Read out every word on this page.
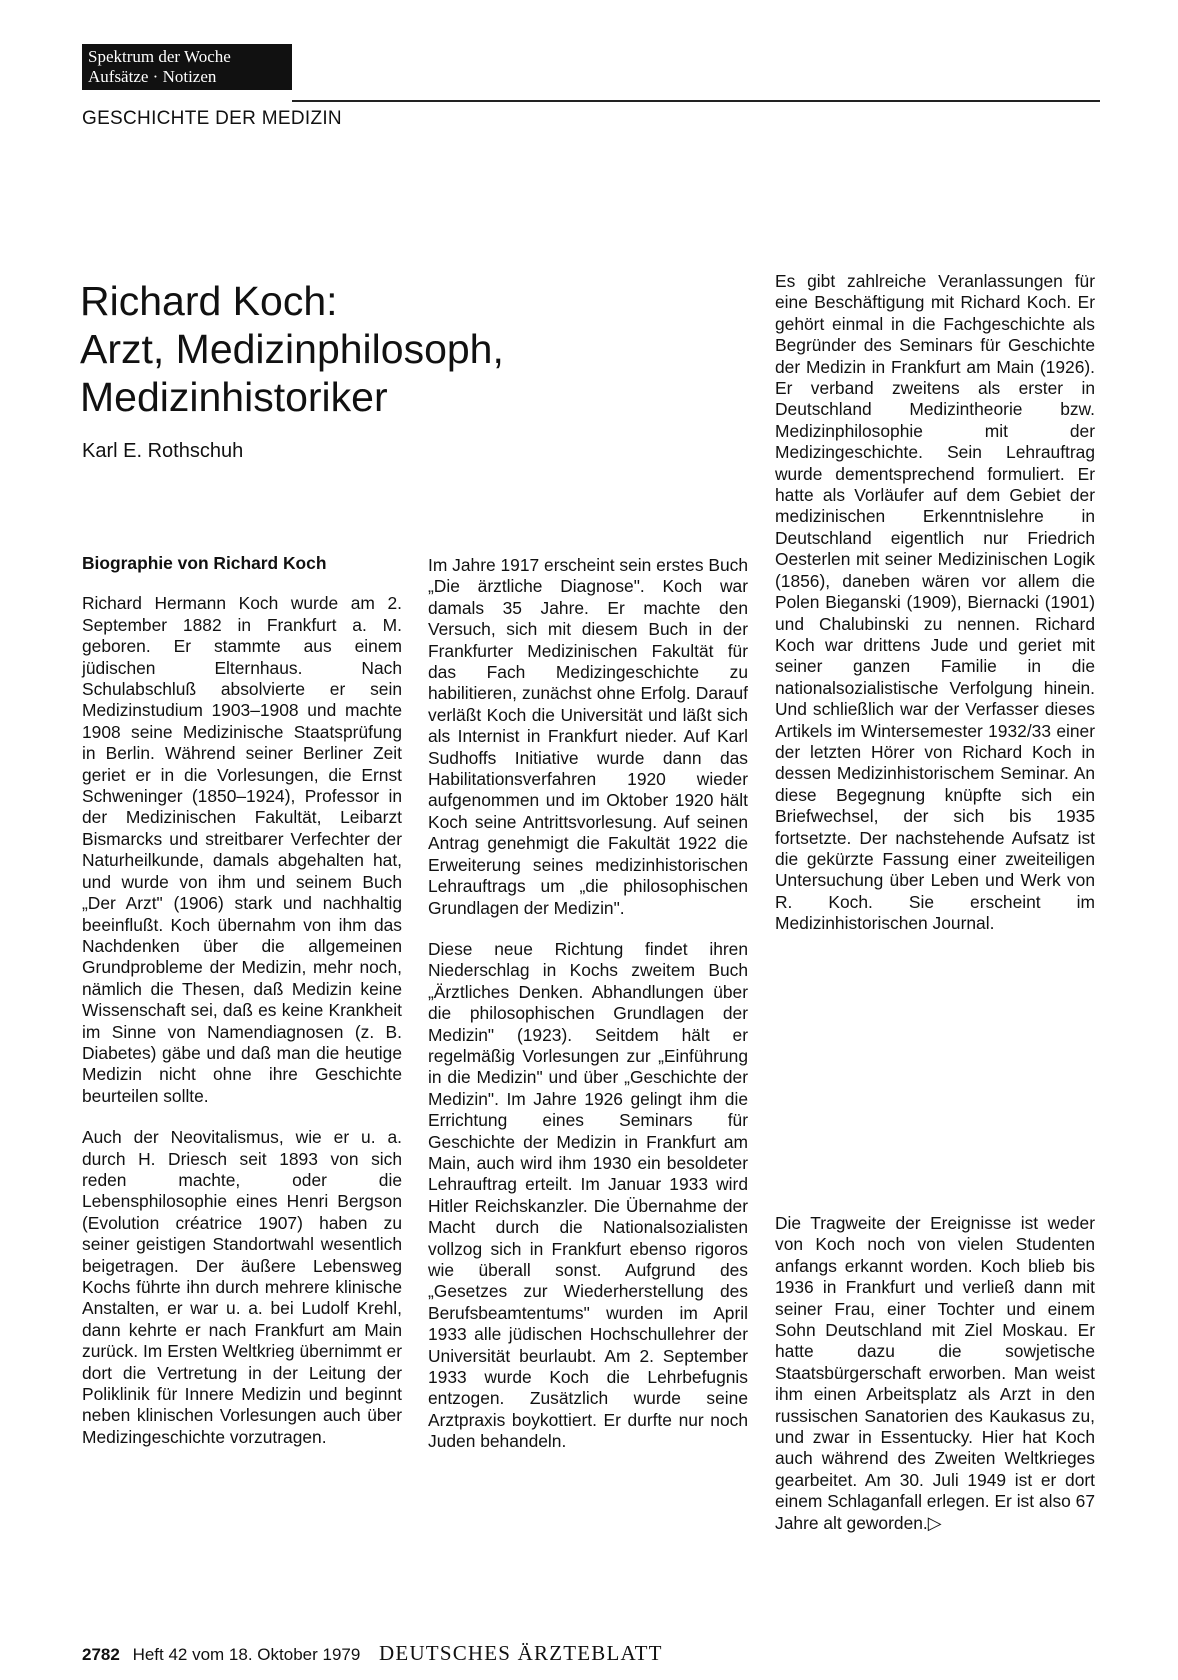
Spektrum der Woche
Aufsätze · Notizen
GESCHICHTE DER MEDIZIN
Richard Koch:
Arzt, Medizinphilosoph,
Medizinhistoriker
Karl E. Rothschuh
Biographie von Richard Koch

Richard Hermann Koch wurde am 2. September 1882 in Frankfurt a. M. geboren. Er stammte aus einem jüdischen Elternhaus. Nach Schulabschluß absolvierte er sein Medizinstudium 1903–1908 und machte 1908 seine Medizinische Staatsprüfung in Berlin. Während seiner Berliner Zeit geriet er in die Vorlesungen, die Ernst Schweninger (1850–1924), Professor in der Medizinischen Fakultät, Leibarzt Bismarcks und streitbarer Verfechter der Naturheilkunde, damals abgehalten hat, und wurde von ihm und seinem Buch „Der Arzt" (1906) stark und nachhaltig beeinflußt. Koch übernahm von ihm das Nachdenken über die allgemeinen Grundprobleme der Medizin, mehr noch, nämlich die Thesen, daß Medizin keine Wissenschaft sei, daß es keine Krankheit im Sinne von Namendiagnosen (z. B. Diabetes) gäbe und daß man die heutige Medizin nicht ohne ihre Geschichte beurteilen sollte.

Auch der Neovitalismus, wie er u. a. durch H. Driesch seit 1893 von sich reden machte, oder die Lebensphilosophie eines Henri Bergson (Evolution créatrice 1907) haben zu seiner geistigen Standortwahl wesentlich beigetragen. Der äußere Lebensweg Kochs führte ihn durch mehrere klinische Anstalten, er war u. a. bei Ludolf Krehl, dann kehrte er nach Frankfurt am Main zurück. Im Ersten Weltkrieg übernimmt er dort die Vertretung in der Leitung der Poliklinik für Innere Medizin und beginnt neben klinischen Vorlesungen auch über Medizingeschichte vorzutragen.

Im Jahre 1917 erscheint sein erstes Buch „Die ärztliche Diagnose". Koch war damals 35 Jahre. Er machte den Versuch, sich mit diesem Buch in der Frankfurter Medizinischen Fakultät für das Fach Medizingeschichte zu habilitieren, zunächst ohne Erfolg. Darauf verläßt Koch die Universität und läßt sich als Internist in Frankfurt nieder. Auf Karl Sudhoffs Initiative wurde dann das Habilitationsverfahren 1920 wieder aufgenommen und im Oktober 1920 hält Koch seine Antrittsvorlesung. Auf seinen Antrag genehmigt die Fakultät 1922 die Erweiterung seines medizinhistorischen Lehrauftrags um „die philosophischen Grundlagen der Medizin".

Diese neue Richtung findet ihren Niederschlag in Kochs zweitem Buch „Ärztliches Denken. Abhandlungen über die philosophischen Grundlagen der Medizin" (1923). Seitdem hält er regelmäßig Vorlesungen zur „Einführung in die Medizin" und über „Geschichte der Medizin". Im Jahre 1926 gelingt ihm die Errichtung eines Seminars für Geschichte der Medizin in Frankfurt am Main, auch wird ihm 1930 ein besoldeter Lehrauftrag erteilt. Im Januar 1933 wird Hitler Reichskanzler. Die Übernahme der Macht durch die Nationalsozialisten vollzog sich in Frankfurt ebenso rigoros wie überall sonst. Aufgrund des „Gesetzes zur Wiederherstellung des Berufsbeamtentums" wurden im April 1933 alle jüdischen Hochschullehrer der Universität beurlaubt. Am 2. September 1933 wurde Koch die Lehrbefugnis entzogen. Zusätzlich wurde seine Arztpraxis boykottiert. Er durfte nur noch Juden behandeln.

Es gibt zahlreiche Veranlassungen für eine Beschäftigung mit Richard Koch. Er gehört einmal in die Fachgeschichte als Begründer des Seminars für Geschichte der Medizin in Frankfurt am Main (1926). Er verband zweitens als erster in Deutschland Medizintheorie bzw. Medizinphilosophie mit der Medizingeschichte. Sein Lehrauftrag wurde dementsprechend formuliert. Er hatte als Vorläufer auf dem Gebiet der medizinischen Erkenntnislehre in Deutschland eigentlich nur Friedrich Oesterlen mit seiner Medizinischen Logik (1856), daneben wären vor allem die Polen Bieganski (1909), Biernacki (1901) und Chalubinski zu nennen. Richard Koch war drittens Jude und geriet mit seiner ganzen Familie in die nationalsozialistische Verfolgung hinein. Und schließlich war der Verfasser dieses Artikels im Wintersemester 1932/33 einer der letzten Hörer von Richard Koch in dessen Medizinhistorischem Seminar. An diese Begegnung knüpfte sich ein Briefwechsel, der sich bis 1935 fortsetzte. Der nachstehende Aufsatz ist die gekürzte Fassung einer zweiteiligen Untersuchung über Leben und Werk von R. Koch. Sie erscheint im Medizinhistorischen Journal.

Die Tragweite der Ereignisse ist weder von Koch noch von vielen Studenten anfangs erkannt worden. Koch blieb bis 1936 in Frankfurt und verließ dann mit seiner Frau, einer Tochter und einem Sohn Deutschland mit Ziel Moskau. Er hatte dazu die sowjetische Staatsbürgerschaft erworben. Man weist ihm einen Arbeitsplatz als Arzt in den russischen Sanatorien des Kaukasus zu, und zwar in Essentucky. Hier hat Koch auch während des Zweiten Weltkrieges gearbeitet. Am 30. Juli 1949 ist er dort einem Schlaganfall erlegen. Er ist also 67 Jahre alt geworden.▷

2782 Heft 42 vom 18. Oktober 1979 DEUTSCHES ÄRZTEBLATT
